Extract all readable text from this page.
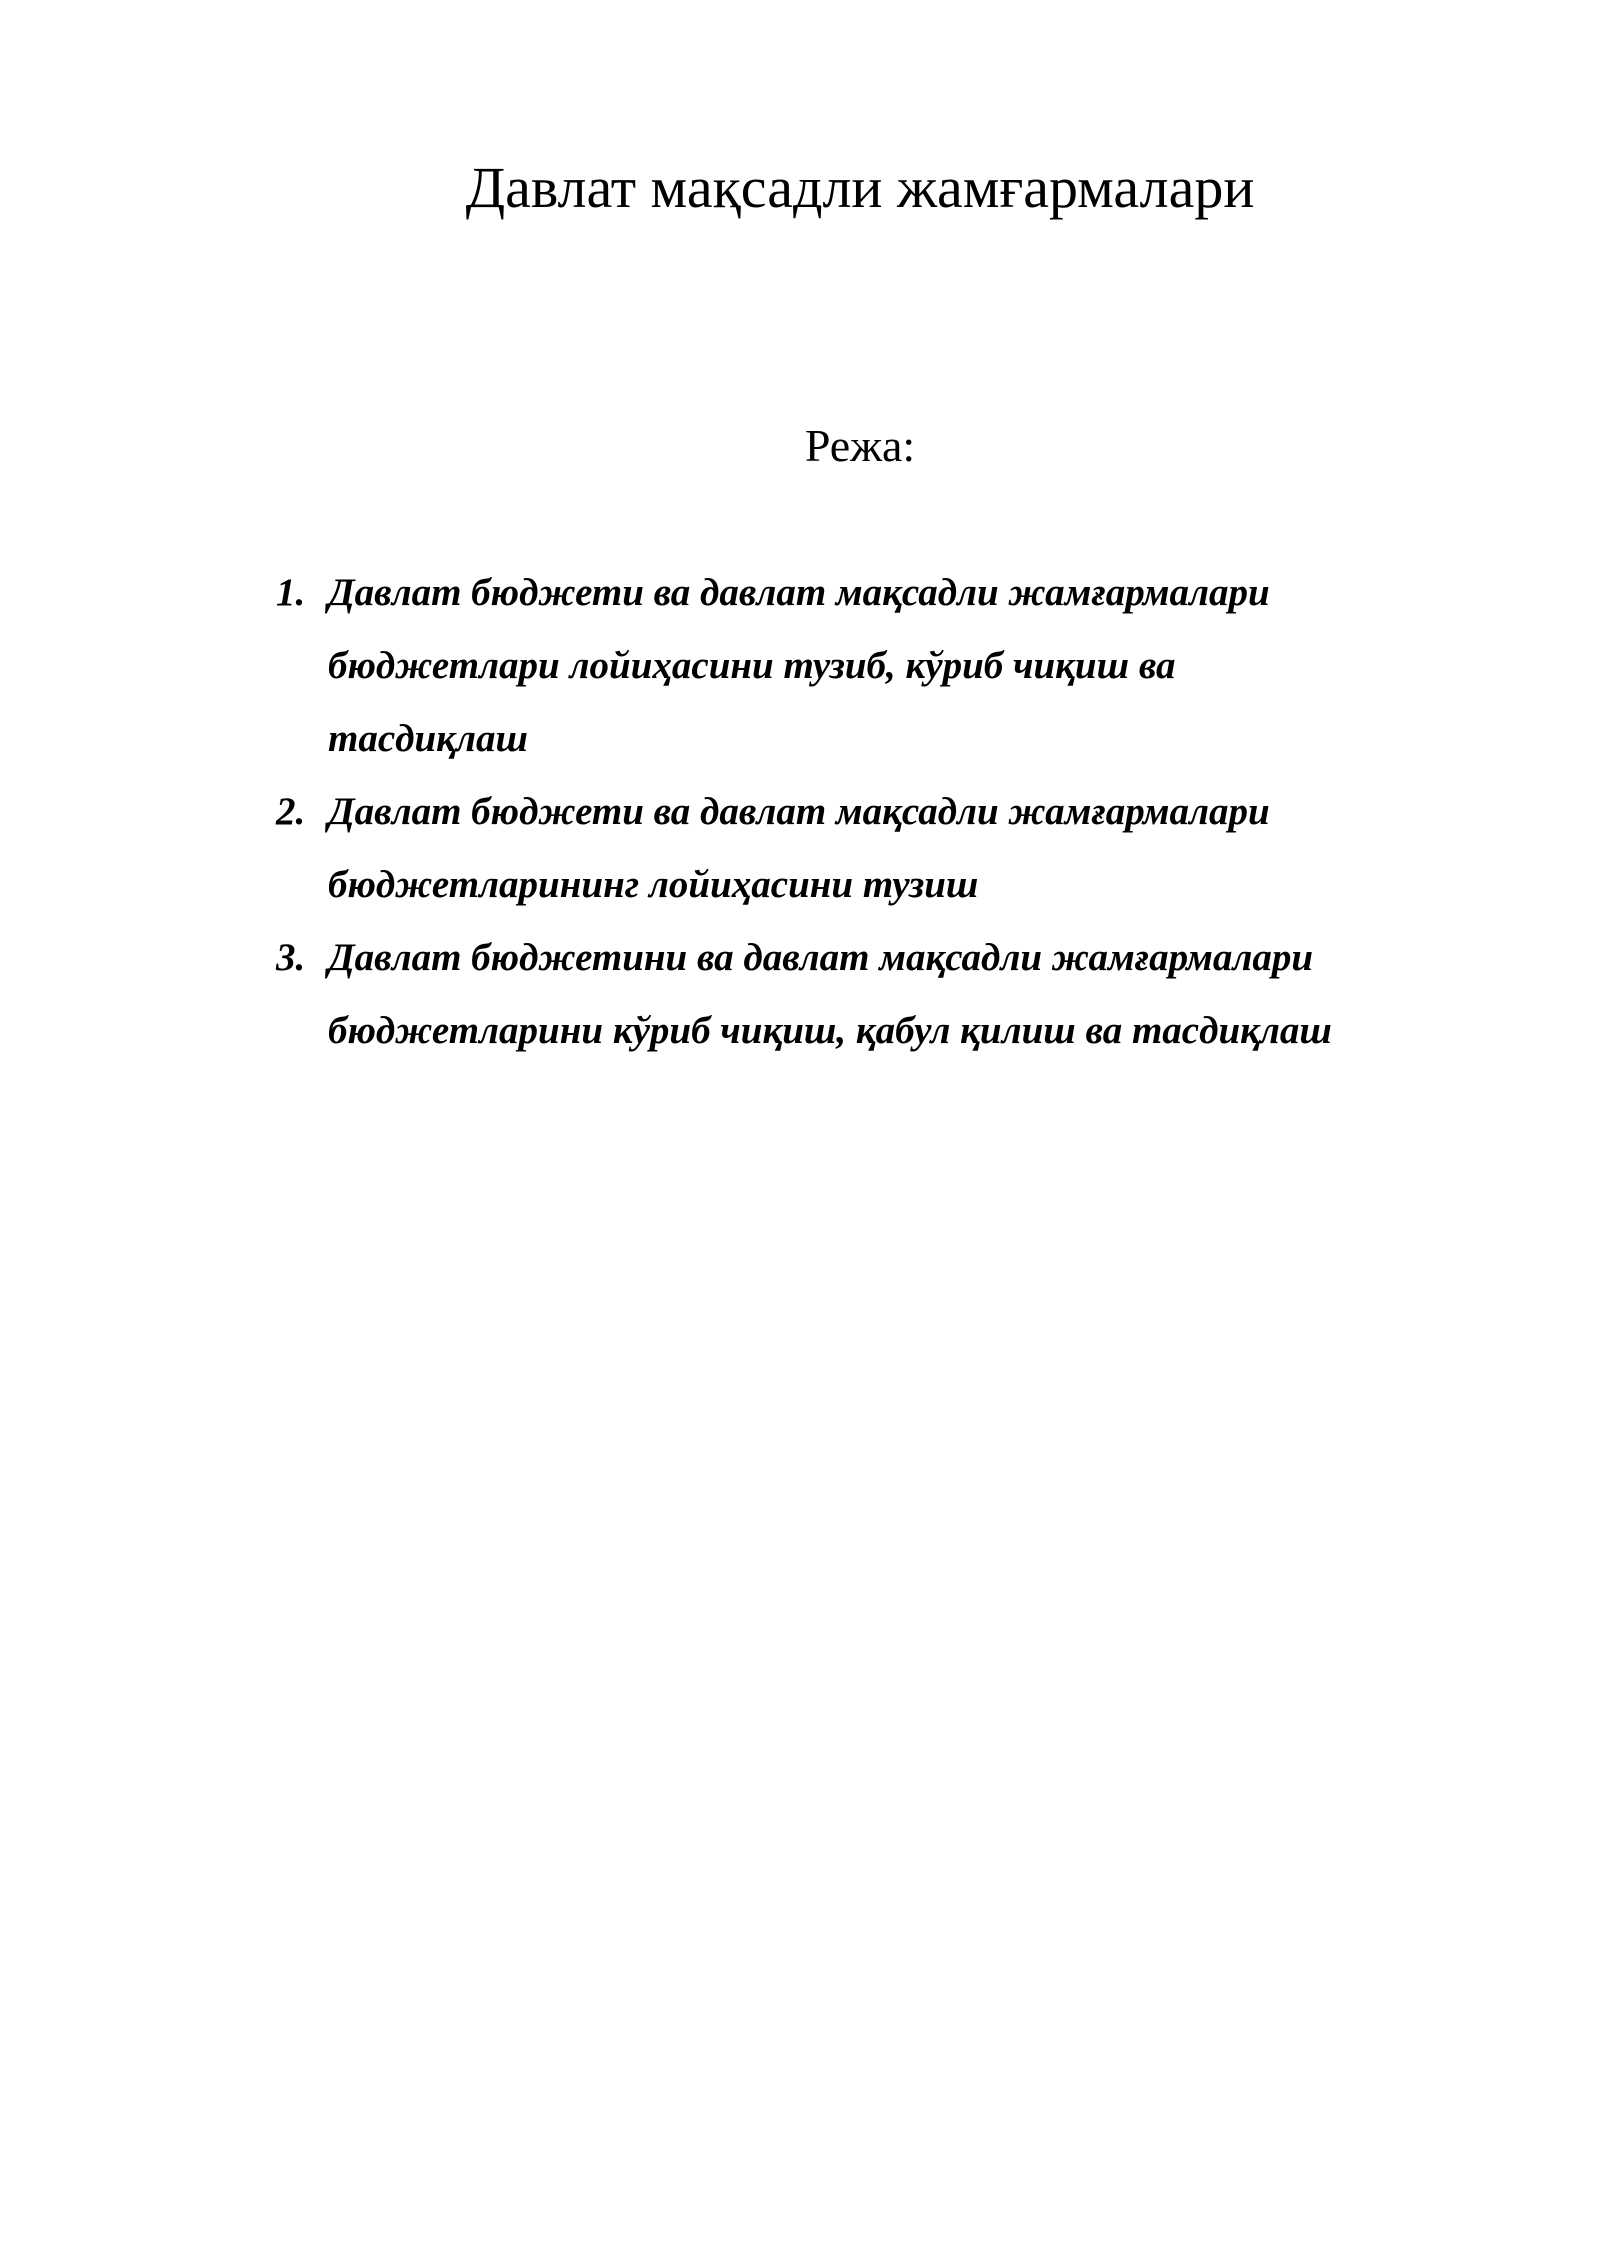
Давлат мақсадли жамғармалари

Режа:

1. Давлат бюджети ва давлат мақсадли жамғармалари
бюджетлари лойиҳасини тузиб, кўриб чиқиш ва
тасдиқлаш
2. Давлат бюджети ва давлат мақсадли жамғармалари
бюджетларининг лойиҳасини тузиш
3. Давлат бюджетини ва давлат мақсадли жамғармалари
бюджетларини кўриб чиқиш, қабул қилиш ва тасдиқлаш
